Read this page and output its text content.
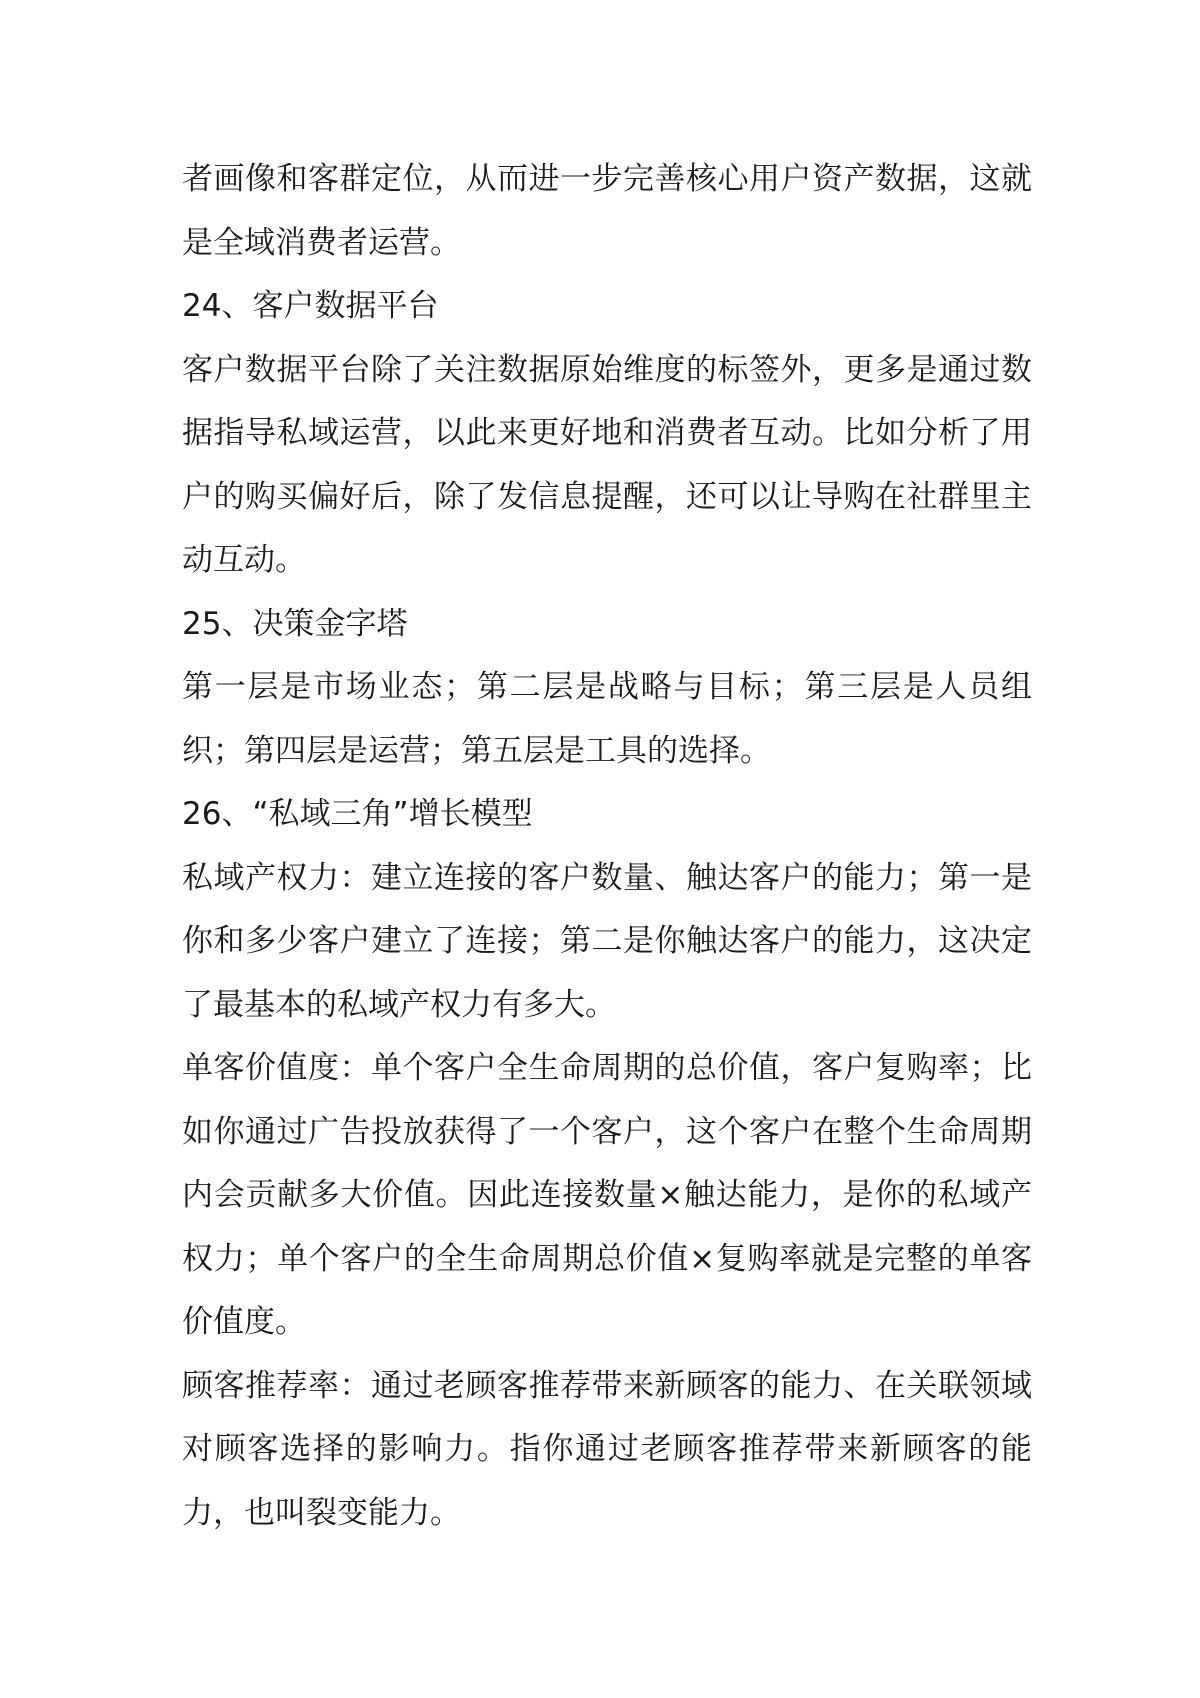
者画像和客群定位，从而进一步完善核心用户资产数据，这就是全域消费者运营。

24、客户数据平台

客户数据平台除了关注数据原始维度的标签外，更多是通过数据指导私域运营，以此来更好地和消费者互动。比如分析了用户的购买偏好后，除了发信息提醒，还可以让导购在社群里主动互动。

25、决策金字塔

第一层是市场业态；第二层是战略与目标；第三层是人员组织；第四层是运营；第五层是工具的选择。

26、“私域三角”增长模型

私域产权力：建立连接的客户数量、触达客户的能力；第一是你和多少客户建立了连接；第二是你触达客户的能力，这决定了最基本的私域产权力有多大。

单客价值度：单个客户全生命周期的总价值，客户复购率；比如你通过广告投放获得了一个客户，这个客户在整个生命周期内会贡献多大价值。因此连接数量×触达能力，是你的私域产权力；单个客户的全生命周期总价值×复购率就是完整的单客价值度。

顾客推荐率：通过老顾客推荐带来新顾客的能力、在关联领域对顾客选择的影响力。指你通过老顾客推荐带来新顾客的能力，也叫裂变能力。
